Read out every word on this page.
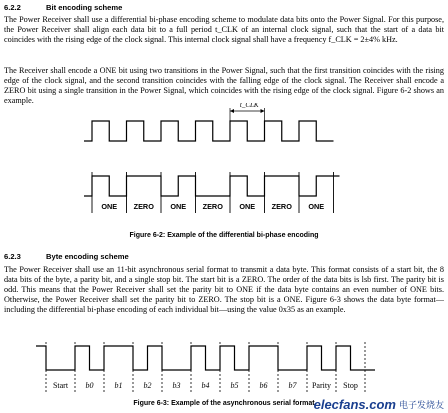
6.2.2	Bit encoding scheme

The Power Receiver shall use a differential bi-phase encoding scheme to modulate data bits onto the Power Signal. For this purpose, the Power Receiver shall align each data bit to a full period t_CLK of an internal clock signal, such that the start of a data bit coincides with the rising edge of the clock signal. This internal clock signal shall have a frequency f_CLK = 2±4% kHz.

The Receiver shall encode a ONE bit using two transitions in the Power Signal, such that the first transition coincides with the rising edge of the clock signal, and the second transition coincides with the falling edge of the clock signal. The Receiver shall encode a ZERO bit using a single transition in the Power Signal, which coincides with the rising edge of the clock signal. Figure 6-2 shows an example.	t_CLK
ONE ZERO ONE ZERO ONE ZERO ONE
Figure 6-2: Example of the differential bi-phase encoding
6.2.3	Byte encoding scheme

The Power Receiver shall use an 11-bit asynchronous serial format to transmit a data byte. This format consists of a start bit, the 8 data bits of the byte, a parity bit, and a single stop bit. The start bit is a ZERO. The order of the data bits is lsb first. The parity bit is odd. This means that the Power Receiver shall set the parity bit to ONE if the data byte contains an even number of ONE bits. Otherwise, the Power Receiver shall set the parity bit to ZERO. The stop bit is a ONE. Figure 6-3 shows the data byte format—including the differential bi-phase encoding of each individual bit—using the value 0x35 as an example.

Start b0	b1	b2	b3	b4	b5	b6	b7 Parity Stop
Figure 6-3: Example of the asynchronous serial format
elecfans.com 电子发烧友
